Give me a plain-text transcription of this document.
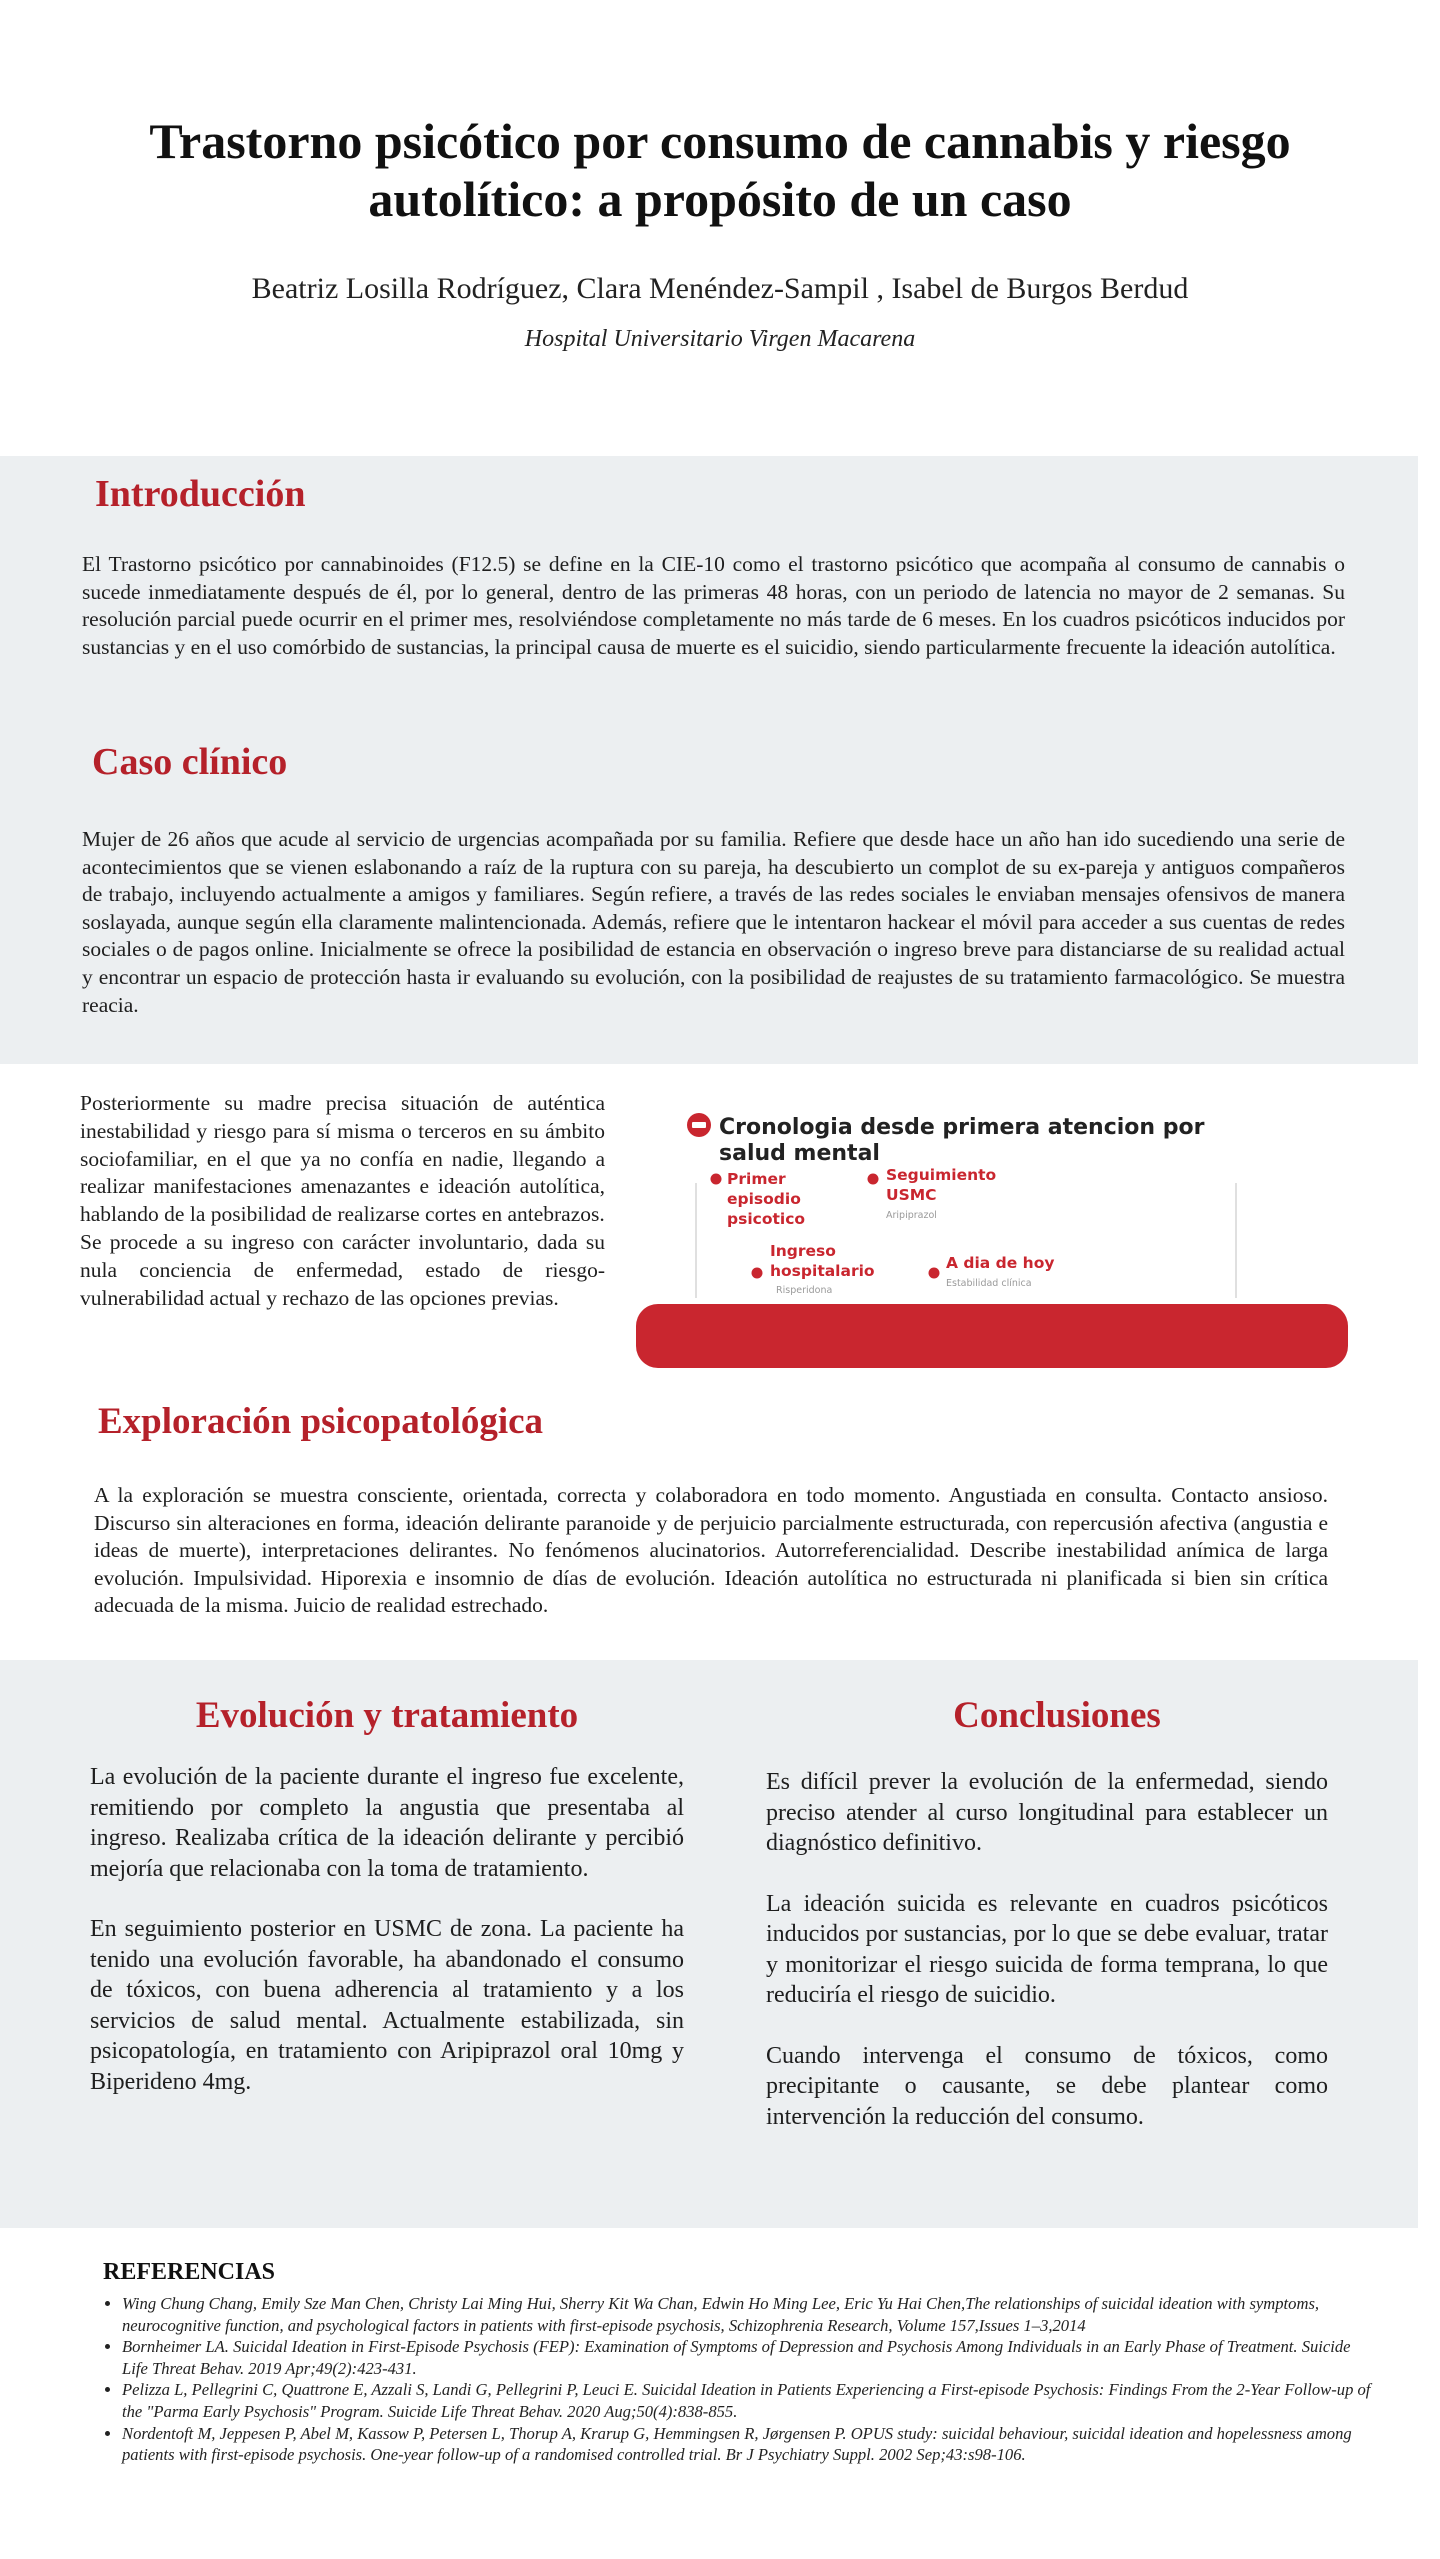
Trastorno psicótico por consumo de cannabis y riesgo
autolítico: a propósito de un caso
Beatriz Losilla Rodríguez, Clara Menéndez-Sampil , Isabel de Burgos Berdud
Hospital Universitario Virgen Macarena
Introducción
El Trastorno psicótico por cannabinoides (F12.5) se define en la CIE-10 como el trastorno psicótico que acompaña al consumo de cannabis o sucede inmediatamente después de él, por lo general, dentro de las primeras 48 horas, con un periodo de latencia no mayor de 2 semanas. Su resolución parcial puede ocurrir en el primer mes, resolviéndose completamente no más tarde de 6 meses. En los cuadros psicóticos inducidos por sustancias y en el uso comórbido de sustancias, la principal causa de muerte es el suicidio, siendo particularmente frecuente la ideación autolítica.
Caso clínico
Mujer de 26 años que acude al servicio de urgencias acompañada por su familia. Refiere que desde hace un año han ido sucediendo una serie de acontecimientos que se vienen eslabonando a raíz de la ruptura con su pareja, ha descubierto un complot de su ex-pareja y antiguos compañeros de trabajo, incluyendo actualmente a amigos y familiares. Según refiere, a través de las redes sociales le enviaban mensajes ofensivos de manera soslayada, aunque según ella claramente malintencionada. Además, refiere que le intentaron hackear el móvil para acceder a sus cuentas de redes sociales o de pagos online. Inicialmente se ofrece la posibilidad de estancia en observación o ingreso breve para distanciarse de su realidad actual y encontrar un espacio de protección hasta ir evaluando su evolución, con la posibilidad de reajustes de su tratamiento farmacológico. Se muestra reacia.
Posteriormente su madre precisa situación de auténtica inestabilidad y riesgo para sí misma o terceros en su ámbito sociofamiliar, en el que ya no confía en nadie, llegando a realizar manifestaciones amenazantes e ideación autolítica, hablando de la posibilidad de realizarse cortes en antebrazos.
Se procede a su ingreso con carácter involuntario, dada su nula conciencia de enfermedad, estado de riesgo-vulnerabilidad actual y rechazo de las opciones previas.
Cronologia desde primera atencion por
salud mental
Primer episodio psicotico
Ingreso hospitalario
Risperidona
Seguimiento USMC
Aripiprazol
A dia de hoy
Estabilidad clínica
Exploración psicopatológica
A la exploración se muestra consciente, orientada, correcta y colaboradora en todo momento. Angustiada en consulta. Contacto ansioso. Discurso sin alteraciones en forma, ideación delirante paranoide y de perjuicio parcialmente estructurada, con repercusión afectiva (angustia e ideas de muerte), interpretaciones delirantes. No fenómenos alucinatorios. Autorreferencialidad. Describe inestabilidad anímica de larga evolución. Impulsividad. Hiporexia e insomnio de días de evolución. Ideación autolítica no estructurada ni planificada si bien sin crítica adecuada de la misma. Juicio de realidad estrechado.
Evolución y tratamiento

La evolución de la paciente durante el ingreso fue excelente, remitiendo por completo la angustia que presentaba al ingreso. Realizaba crítica de la ideación delirante y percibió mejoría que relacionaba con la toma de tratamiento.

En seguimiento posterior en USMC de zona. La paciente ha tenido una evolución favorable, ha abandonado el consumo de tóxicos, con buena adherencia al tratamiento y a los servicios de salud mental. Actualmente estabilizada, sin psicopatología, en tratamiento con Aripiprazol oral 10mg y Biperideno 4mg.

Conclusiones

Es difícil prever la evolución de la enfermedad, siendo preciso atender al curso longitudinal para establecer un diagnóstico definitivo.

La ideación suicida es relevante en cuadros psicóticos inducidos por sustancias, por lo que se debe evaluar, tratar y monitorizar el riesgo suicida de forma temprana, lo que reduciría el riesgo de suicidio.

Cuando intervenga el consumo de tóxicos, como precipitante o causante, se debe plantear como intervención la reducción del consumo.

REFERENCIAS
• Wing Chung Chang, Emily Sze Man Chen, Christy Lai Ming Hui, Sherry Kit Wa Chan, Edwin Ho Ming Lee, Eric Yu Hai Chen,The relationships of suicidal ideation with symptoms, neurocognitive function, and psychological factors in patients with first-episode psychosis, Schizophrenia Research, Volume 157,Issues 1–3,2014
• Bornheimer LA. Suicidal Ideation in First-Episode Psychosis (FEP): Examination of Symptoms of Depression and Psychosis Among Individuals in an Early Phase of Treatment. Suicide Life Threat Behav. 2019 Apr;49(2):423-431.
• Pelizza L, Pellegrini C, Quattrone E, Azzali S, Landi G, Pellegrini P, Leuci E. Suicidal Ideation in Patients Experiencing a First-episode Psychosis: Findings From the 2-Year Follow-up of the "Parma Early Psychosis" Program. Suicide Life Threat Behav. 2020 Aug;50(4):838-855.
• Nordentoft M, Jeppesen P, Abel M, Kassow P, Petersen L, Thorup A, Krarup G, Hemmingsen R, Jørgensen P. OPUS study: suicidal behaviour, suicidal ideation and hopelessness among patients with first-episode psychosis. One-year follow-up of a randomised controlled trial. Br J Psychiatry Suppl. 2002 Sep;43:s98-106.
